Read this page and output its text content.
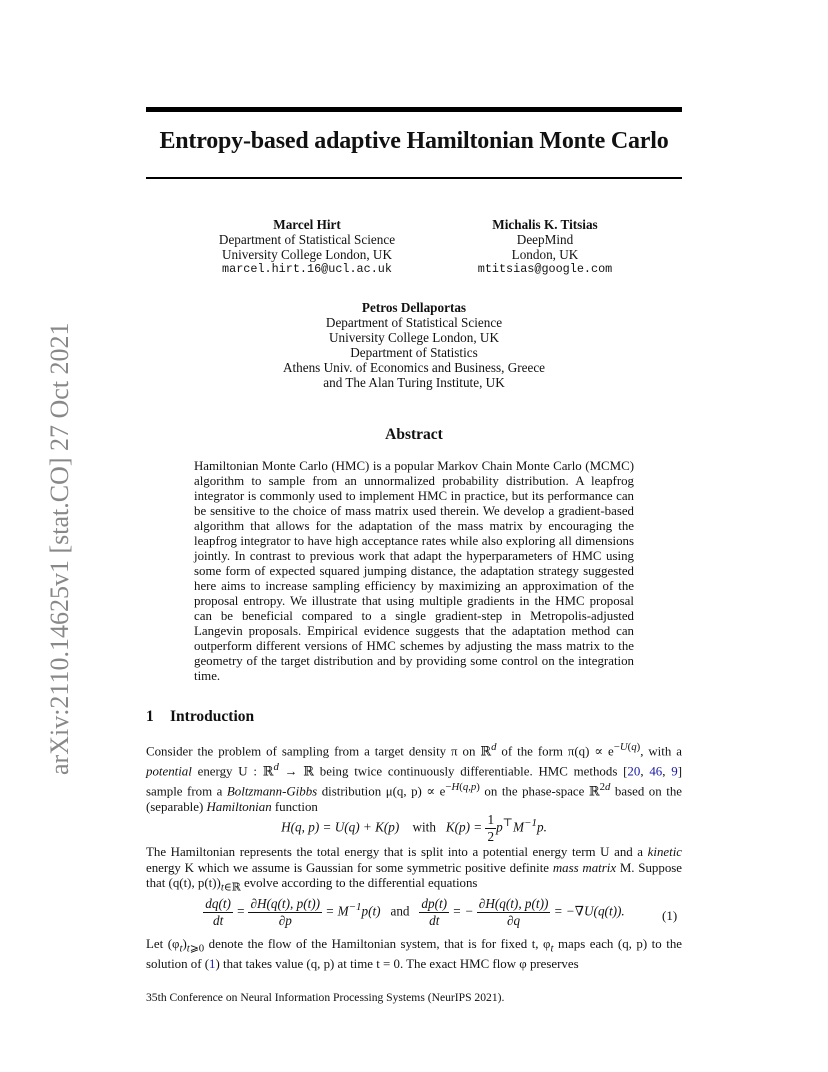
arXiv:2110.14625v1 [stat.CO] 27 Oct 2021
Entropy-based adaptive Hamiltonian Monte Carlo
Marcel Hirt
Department of Statistical Science
University College London, UK
marcel.hirt.16@ucl.ac.uk
Michalis K. Titsias
DeepMind
London, UK
mtitsias@google.com
Petros Dellaportas
Department of Statistical Science
University College London, UK
Department of Statistics
Athens Univ. of Economics and Business, Greece
and The Alan Turing Institute, UK
Abstract
Hamiltonian Monte Carlo (HMC) is a popular Markov Chain Monte Carlo (MCMC) algorithm to sample from an unnormalized probability distribution. A leapfrog integrator is commonly used to implement HMC in practice, but its performance can be sensitive to the choice of mass matrix used therein. We develop a gradient-based algorithm that allows for the adaptation of the mass matrix by encouraging the leapfrog integrator to have high acceptance rates while also exploring all dimensions jointly. In contrast to previous work that adapt the hyperparameters of HMC using some form of expected squared jumping distance, the adaptation strategy suggested here aims to increase sampling efficiency by maximizing an approximation of the proposal entropy. We illustrate that using multiple gradients in the HMC proposal can be beneficial compared to a single gradient-step in Metropolis-adjusted Langevin proposals. Empirical evidence suggests that the adaptation method can outperform different versions of HMC schemes by adjusting the mass matrix to the geometry of the target distribution and by providing some control on the integration time.
1 Introduction
Consider the problem of sampling from a target density π on ℝ$^d$ of the form $\pi(q) \propto e^{-U(q)}$, with a potential energy U : ℝ$^d$ → ℝ being twice continuously differentiable. HMC methods [20, 46, 9] sample from a Boltzmann-Gibbs distribution μ(q, $p) \propto e^{-H(q,p)}$ on the phase-space ℝ$^{2d}$ based on the (separable) Hamiltonian function
H(q, p) = U(q) + K(p) with $K(p) = \frac{1}{2} p^⊤M^{-1}p$.
The Hamiltonian represents the total energy that is split into a potential energy term U and a kinetic energy K which we assume is Gaussian for some symmetric positive definite mass matrix M. Suppose that (q(t), $p(t))_{t\in ℝ}$ evolve according to the differential equations
$\frac{dq(t)}{dt} = \frac{\partial H(q(t), p(t))}{\partial p} = M^{-1}p(t)$   and $\frac{dp(t)}{dt}$ = − $\frac{\partial H(q(t), p(t))}{\partial q} = -\nabla U(q(t))$.	(1)
Let $(\varphi_t)_{t⩾0}$ denote the flow of the Hamiltonian system, that is for fixed t, $\varphi_t$ maps each (q, p) to the solution of (1) that takes value (q, p) at time t = 0. The exact HMC flow φ preserves
35th Conference on Neural Information Processing Systems (NeurIPS 2021).
